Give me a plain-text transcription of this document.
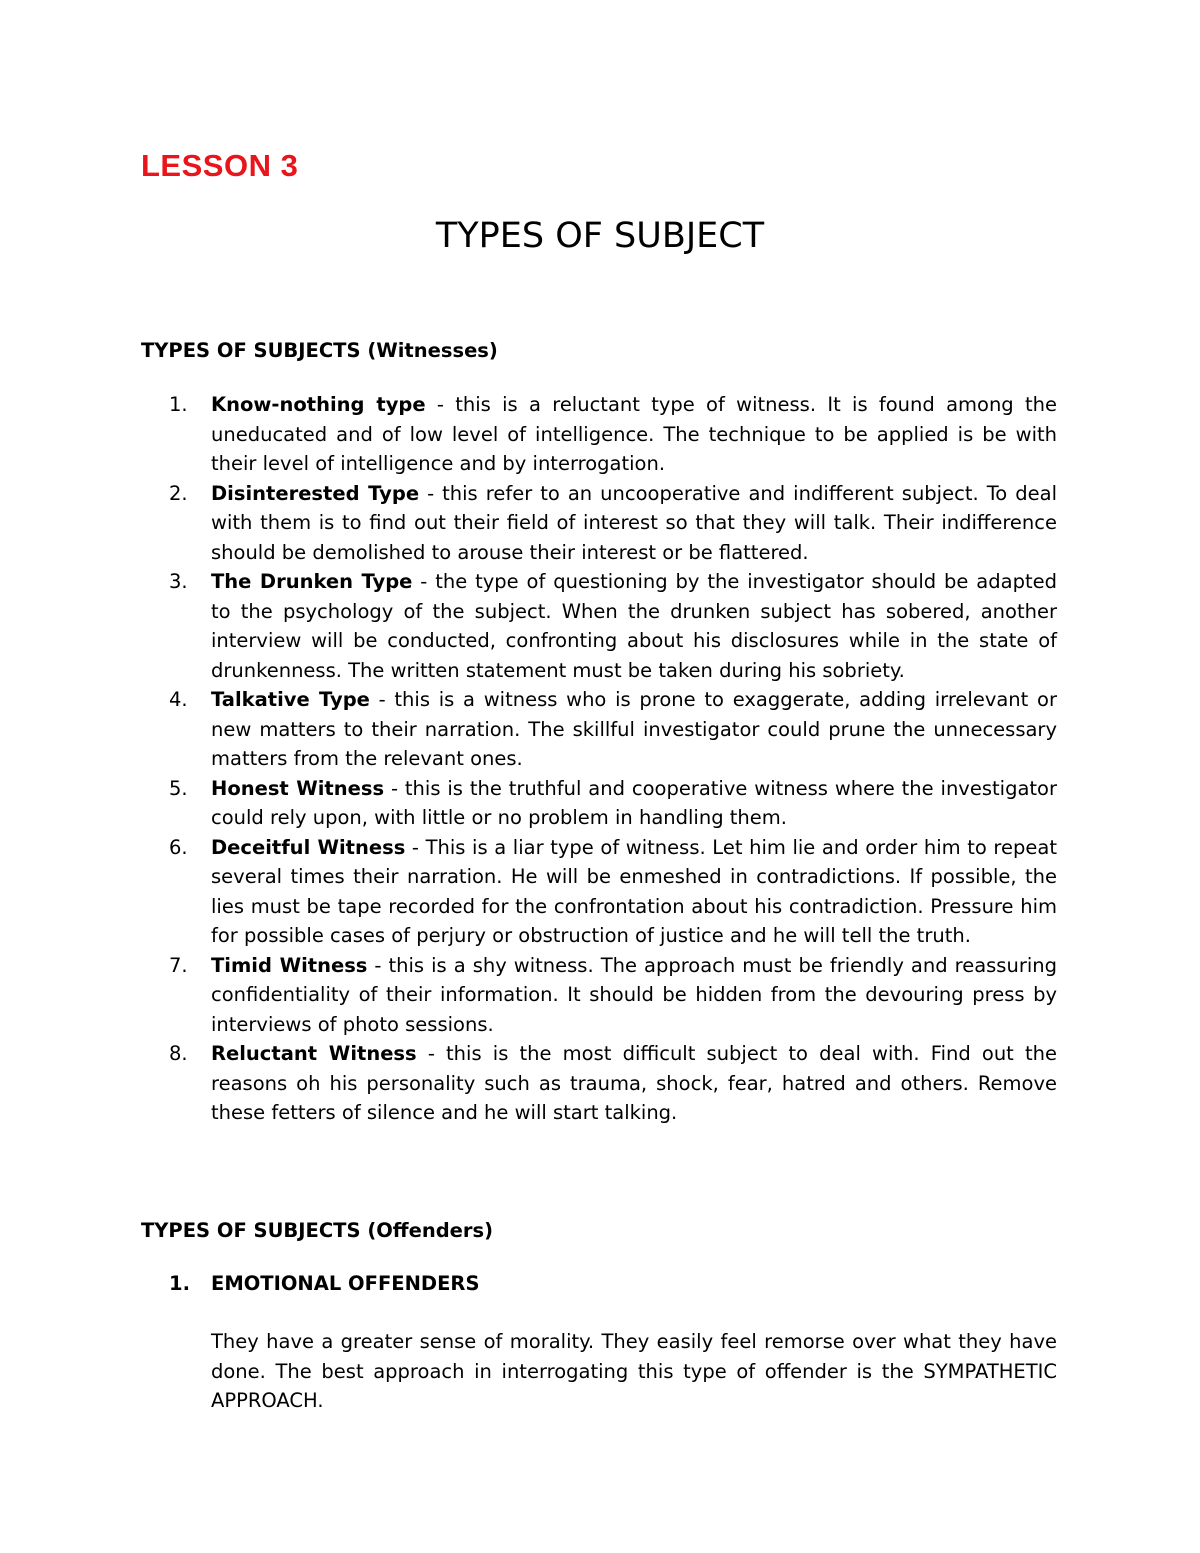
LESSON 3
TYPES OF SUBJECT
TYPES OF SUBJECTS (Witnesses)
1.	Know-nothing type - this is a reluctant type of witness. It is found among the uneducated and of low level of intelligence. The technique to be applied is be with their level of intelligence and by interrogation.
2.	Disinterested Type - this refer to an uncooperative and indifferent subject. To deal with them is to find out their field of interest so that they will talk. Their indifference should be demolished to arouse their interest or be flattered.
3.	The Drunken Type - the type of questioning by the investigator should be adapted to the psychology of the subject. When the drunken subject has sobered, another interview will be conducted, confronting about his disclosures while in the state of drunkenness. The written statement must be taken during his sobriety.
4.	Talkative Type - this is a witness who is prone to exaggerate, adding irrelevant or new matters to their narration. The skillful investigator could prune the unnecessary matters from the relevant ones.
5.	Honest Witness - this is the truthful and cooperative witness where the investigator could rely upon, with little or no problem in handling them.
6.	Deceitful Witness - This is a liar type of witness. Let him lie and order him to repeat several times their narration. He will be enmeshed in contradictions. If possible, the lies must be tape recorded for the confrontation about his contradiction. Pressure him for possible cases of perjury or obstruction of justice and he will tell the truth.
7.	Timid Witness - this is a shy witness. The approach must be friendly and reassuring confidentiality of their information. It should be hidden from the devouring press by interviews of photo sessions.
8.	Reluctant Witness - this is the most difficult subject to deal with. Find out the reasons oh his personality such as trauma, shock, fear, hatred and others. Remove these fetters of silence and he will start talking.
TYPES OF SUBJECTS (Offenders)
1.	EMOTIONAL OFFENDERS

They have a greater sense of morality. They easily feel remorse over what they have done. The best approach in interrogating this type of offender is the SYMPATHETIC APPROACH.
